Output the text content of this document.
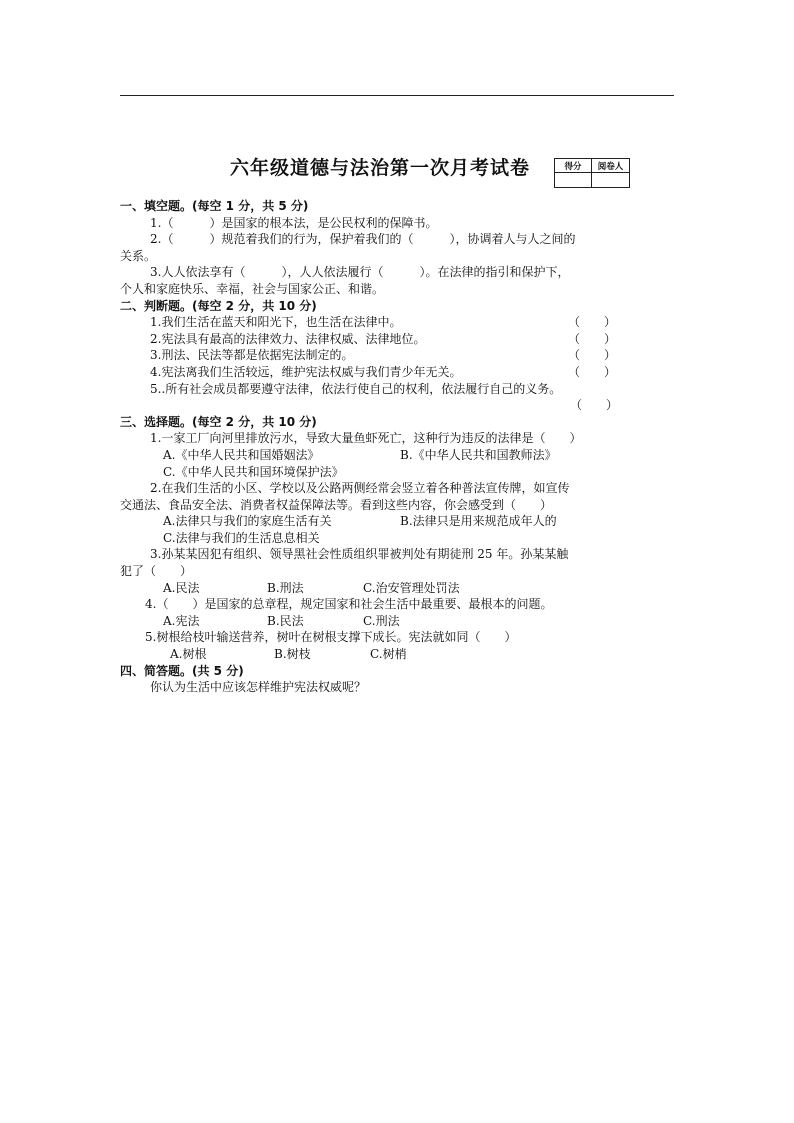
六年级道德与法治第一次月考试卷	得分	阅卷人
一、填空题。(每空 1 分，共 5 分)
1.（　　　）是国家的根本法，是公民权利的保障书。
2.（　　　）规范着我们的行为，保护着我们的（　　　），协调着人与人之间的
关系。
3.人人依法享有（　　　），人人依法履行（　　　）。在法律的指引和保护下，
个人和家庭快乐、幸福，社会与国家公正、和谐。
二、判断题。(每空 2 分，共 10 分)
1.我们生活在蓝天和阳光下，也生活在法律中。	（　　）
2.宪法具有最高的法律效力、法律权威、法律地位。	（　　）
3.刑法、民法等都是依据宪法制定的。	（　　）
4.宪法离我们生活较远，维护宪法权威与我们青少年无关。	（　　）
5..所有社会成员都要遵守法律，依法行使自己的权利，依法履行自己的义务。
（　　）
三、选择题。(每空 2 分，共 10 分)
1.一家工厂向河里排放污水，导致大量鱼虾死亡，这种行为违反的法律是（　　）
A.《中华人民共和国婚姻法》	B.《中华人民共和国教师法》
C.《中华人民共和国环境保护法》
2.在我们生活的小区、学校以及公路两侧经常会竖立着各种普法宣传牌，如宣传
交通法、食品安全法、消费者权益保障法等。看到这些内容，你会感受到（　　）
A.法律只与我们的家庭生活有关	B.法律只是用来规范成年人的
C.法律与我们的生活息息相关
3.孙某某因犯有组织、领导黑社会性质组织罪被判处有期徒刑 25 年。孙某某触
犯了（　　）
A.民法	B.刑法	C.治安管理处罚法
4.（　　）是国家的总章程，规定国家和社会生活中最重要、最根本的问题。
A.宪法	B.民法	C.刑法
5.树根给枝叶输送营养，树叶在树根支撑下成长。宪法就如同（　　）
A.树根	B.树枝	C.树梢
四、简答题。(共 5 分)
你认为生活中应该怎样维护宪法权威呢？
